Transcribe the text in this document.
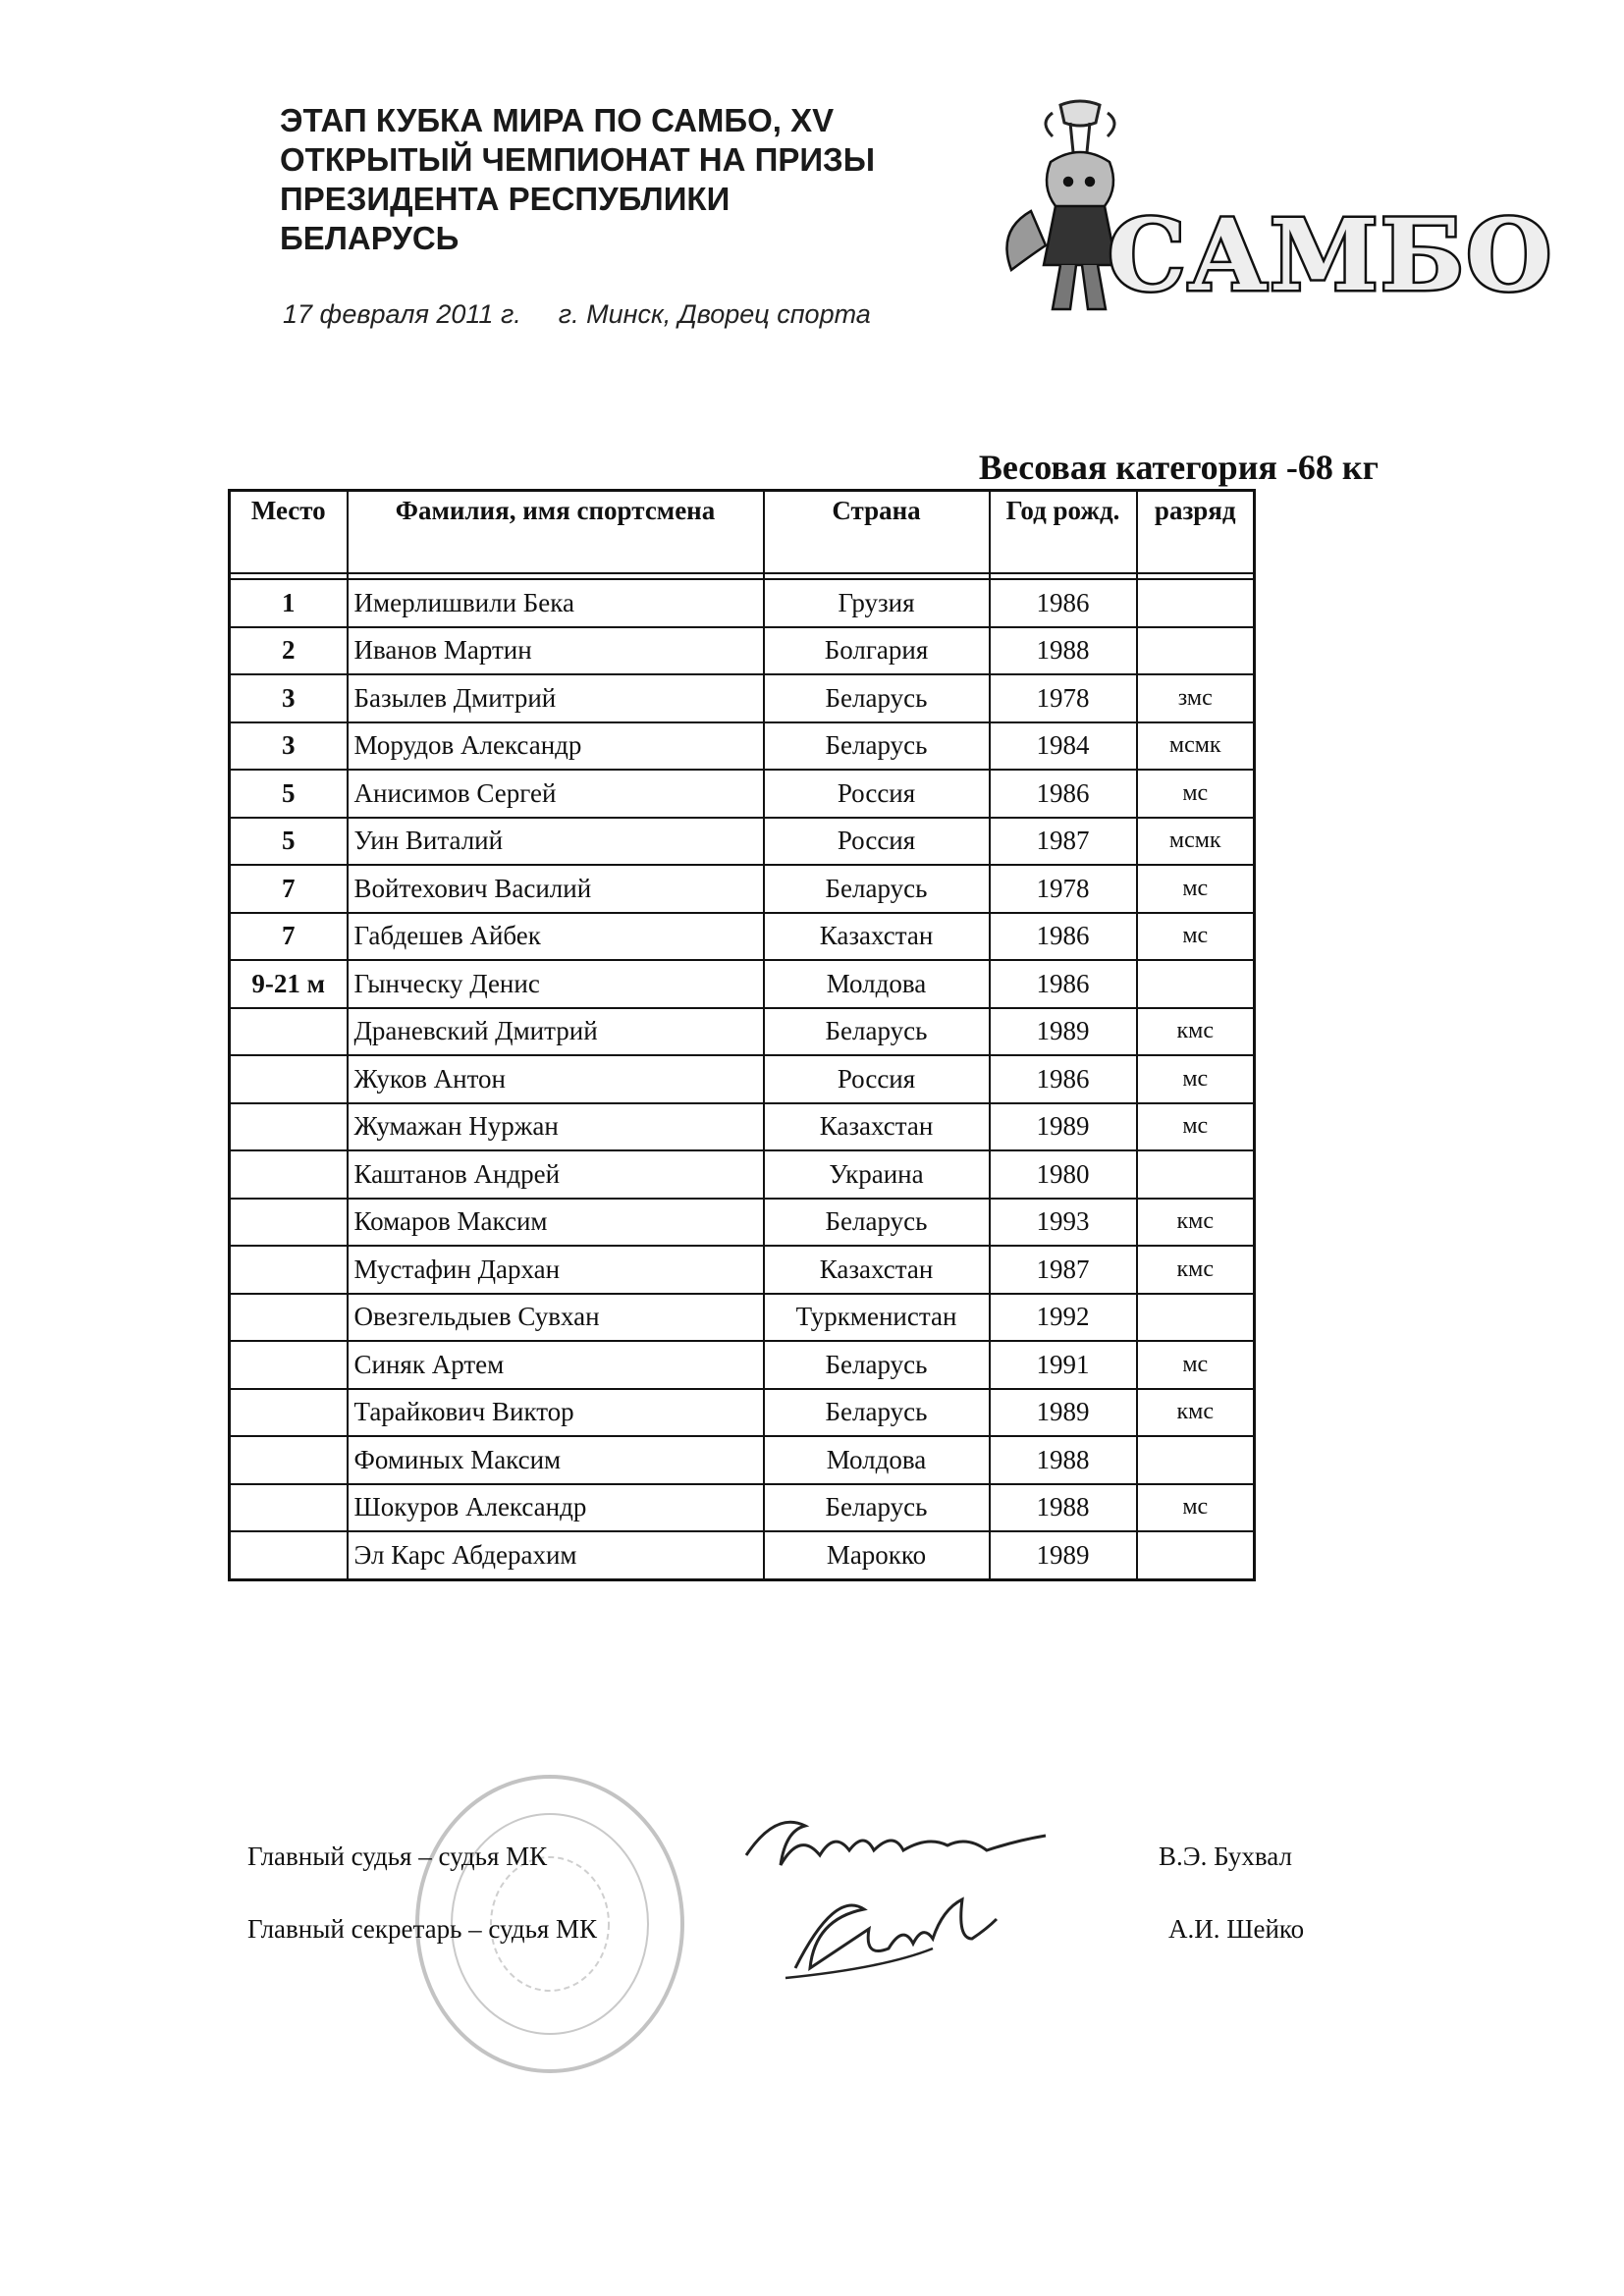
ЭТАП КУБКА МИРА ПО САМБО, XV
ОТКРЫТЫЙ ЧЕМПИОНАТ НА ПРИЗЫ
ПРЕЗИДЕНТА РЕСПУБЛИКИ
БЕЛАРУСЬ
17 февраля 2011 г. г. Минск, Дворец спорта
САМБО
Весовая категория -68 кг
Место	Фамилия, имя спортсмена	Страна	Год рожд.	разряд

1	Имерлишвили Бека	Грузия	1986	
2	Иванов Мартин	Болгария	1988	
3	Базылев Дмитрий	Беларусь	1978	змс
3	Морудов Александр	Беларусь	1984	мсмк
5	Анисимов Сергей	Россия	1986	мс
5	Уин Виталий	Россия	1987	мсмк
7	Войтехович Василий	Беларусь	1978	мс
7	Габдешев Айбек	Казахстан	1986	мс
9-21 м	Гынческу Денис	Молдова	1986	
	Драневский Дмитрий	Беларусь	1989	кмс
	Жуков Антон	Россия	1986	мс
	Жумажан Нуржан	Казахстан	1989	мс
	Каштанов Андрей	Украина	1980	
	Комаров Максим	Беларусь	1993	кмс
	Мустафин Дархан	Казахстан	1987	кмс
	Овезгельдыев Сувхан	Туркменистан	1992	
	Синяк Артем	Беларусь	1991	мс
	Тарайкович Виктор	Беларусь	1989	кмс
	Фоминых Максим	Молдова	1988	
	Шокуров Александр	Беларусь	1988	мс
	Эл Карс Абдерахим	Марокко	1989	
Главный судья – судья МК
Главный секретарь – судья МК
В.Э. Бухвал
А.И. Шейко
